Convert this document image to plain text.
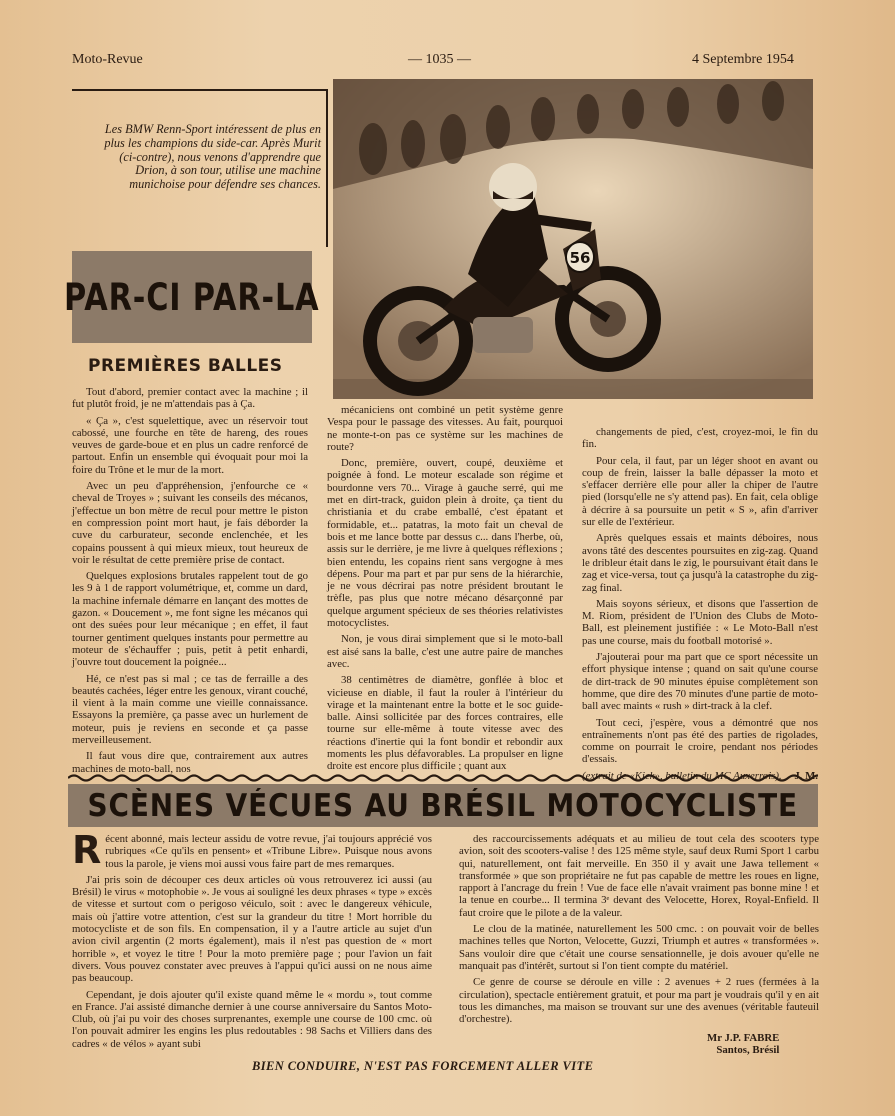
Moto-Revue	— 1035 —	4 Septembre 1954
Les BMW Renn-Sport intéressent de plus en plus les champions du side-car. Après Murit (ci-contre), nous venons d'apprendre que Drion, à son tour, utilise une machine munichoise pour défendre ses chances.
56
PAR-CI PAR-LA
PREMIÈRES BALLES

Tout d'abord, premier contact avec la machine ; il fut plutôt froid, je ne m'attendais pas à Ça.

« Ça », c'est squelettique, avec un réservoir tout cabossé, une fourche en tête de hareng, des roues veuves de garde-boue et en plus un cadre renforcé de partout. Enfin un ensemble qui évoquait pour moi la foire du Trône et le mur de la mort.

Avec un peu d'appréhension, j'enfourche ce « cheval de Troyes » ; suivant les conseils des mécanos, j'effectue un bon mètre de recul pour mettre le piston en compression point mort haut, je fais déborder la cuve du carburateur, seconde enclenchée, et les copains poussent à qui mieux mieux, tout heureux de voir le résultat de cette première prise de contact.

Quelques explosions brutales rappelent tout de go les 9 à 1 de rapport volumétrique, et, comme un dard, la machine infernale démarre en lançant des mottes de gazon. « Doucement », me font signe les mécanos qui ont des suées pour leur mécanique ; en effet, il faut tourner gentiment quelques instants pour permettre au moteur de s'échauffer ; puis, petit à petit enhardi, j'ouvre tout doucement la poignée...

Hé, ce n'est pas si mal ; ce tas de ferraille a des beautés cachées, léger entre les genoux, virant couché, il vient à la main comme une vieille connaissance. Essayons la première, ça passe avec un hurlement de moteur, puis je reviens en seconde et ça passe merveilleusement.

Il faut vous dire que, contrairement aux autres machines de moto-ball, nos

mécaniciens ont combiné un petit système genre Vespa pour le passage des vitesses. Au fait, pourquoi ne monte-t-on pas ce système sur les machines de route?

Donc, première, ouvert, coupé, deuxième et poignée à fond. Le moteur escalade son régime et bourdonne vers 70... Virage à gauche serré, qui me met en dirt-track, guidon plein à droite, ça tient du christiania et du crabe emballé, c'est épatant et formidable, et... patatras, la moto fait un cheval de bois et me lance botte par dessus c... dans l'herbe, où, assis sur le derrière, je me livre à quelques réflexions ; bien entendu, les copains rient sans vergogne à mes dépens. Pour ma part et par pur sens de la hiérarchie, je ne vous décrirai pas notre président broutant le trèfle, pas plus que notre mécano désarçonné par quelque argument spécieux de ses théories relativistes motocyclistes.

Non, je vous dirai simplement que si le moto-ball est aisé sans la balle, c'est une autre paire de manches avec.

38 centimètres de diamètre, gonflée à bloc et vicieuse en diable, il faut la rouler à l'intérieur du virage et la maintenant entre la botte et le soc guide-balle. Ainsi sollicitée par des forces contraires, elle tourne sur elle-même à toute vitesse avec des réactions d'inertie qui la font bondir et rebondir aux moments les plus défavorables. La propulser en ligne droite est encore plus difficile ; quant aux

changements de pied, c'est, croyez-moi, le fin du fin.

Pour cela, il faut, par un léger shoot en avant ou coup de frein, laisser la balle dépasser la moto et s'effacer derrière elle pour aller la chiper de l'autre pied (lorsqu'elle ne s'y attend pas). En fait, cela oblige à décrire à sa poursuite un petit « S », afin d'arriver sur elle de l'extérieur.

Après quelques essais et maints déboires, nous avons tâté des descentes poursuites en zig-zag. Quand le dribleur était dans le zig, le poursuivant était dans le zag et vice-versa, tout ça jusqu'à la catastrophe du zig-zag final.

Mais soyons sérieux, et disons que l'assertion de M. Riom, président de l'Union des Clubs de Moto-Ball, est pleinement justifiée : « Le Moto-Ball n'est pas une course, mais du football motorisé ».

J'ajouterai pour ma part que ce sport nécessite un effort physique intense ; quand on sait qu'une course de dirt-track de 90 minutes épuise complètement son homme, que dire des 70 minutes d'une partie de moto-ball avec maints « rush » dirt-track à la clef.

Tout ceci, j'espère, vous a démontré que nos entraînements n'ont pas été des parties de rigolades, comme on pourrait le croire, pendant nos périodes d'essais.

(extrait de «Kick», bulletin du MC Auxerrois). J. M.

SCÈNES VÉCUES AU BRÉSIL MOTOCYCLISTE

Récent abonné, mais lecteur assidu de votre revue, j'ai toujours apprécié vos rubriques «Ce qu'ils en pensent» et «Tribune Libre». Puisque nous avons tous la parole, je viens moi aussi vous faire part de mes remarques.

J'ai pris soin de découper ces deux articles où vous retrouverez ici aussi (au Brésil) le virus « motophobie ». Je vous ai souligné les deux phrases « type » excès de vitesse et surtout com o perigoso véiculo, soit : avec le dangereux véhicule, mais où j'attire votre attention, c'est sur la grandeur du titre ! Mort horrible du motocycliste et de son fils. En compensation, il y a l'autre article au sujet d'un avion civil argentin (2 morts également), mais il n'est pas question de « mort horrible », et voyez le titre ! Pour la moto première page ; pour l'avion un fait divers. Vous pouvez constater avec preuves à l'appui qu'ici aussi on ne nous aime pas beaucoup.

Cependant, je dois ajouter qu'il existe quand même le « mordu », tout comme en France. J'ai assisté dimanche dernier à une course anniversaire du Santos Moto-Club, où j'ai pu voir des choses surprenantes, exemple une course de 100 cmc. où l'on pouvait admirer les engins les plus redoutables : 98 Sachs et Villiers dans des cadres « de vélos » ayant subi

des raccourcissements adéquats et au milieu de tout cela des scooters type avion, soit des scooters-valise ! des 125 même style, sauf deux Rumi Sport 1 carbu qui, naturellement, ont fait merveille. En 350 il y avait une Jawa tellement « transformée » que son propriétaire ne fut pas capable de mettre les roues en ligne, rapport à l'ancrage du frein ! Vue de face elle n'avait vraiment pas bonne mine ! et la tenue en courbe... Il termina 3ᵉ devant des Velocette, Horex, Royal-Enfield. Il faut croire que le pilote a de la valeur.

Le clou de la matinée, naturellement les 500 cmc. : on pouvait voir de belles machines telles que Norton, Velocette, Guzzi, Triumph et autres « transformées ». Sans vouloir dire que c'était une course sensationnelle, je dois avouer qu'elle ne manquait pas d'intérêt, surtout si l'on tient compte du matériel.

Ce genre de course se déroule en ville : 2 avenues + 2 rues (fermées à la circulation), spectacle entièrement gratuit, et pour ma part je voudrais qu'il y en ait tous les dimanches, ma maison se trouvant sur une des avenues (véritable fauteuil d'orchestre).

Mr J.P. FABRE
Santos, Brésil
BIEN CONDUIRE, N'EST PAS FORCEMENT ALLER VITE
